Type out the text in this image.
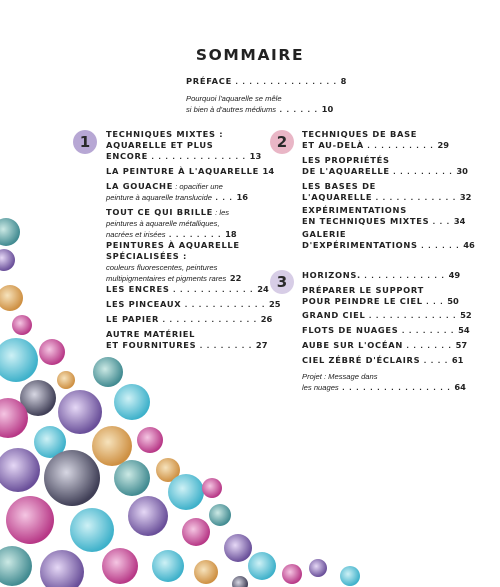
SOMMAIRE
PRÉFACE . . . . . . . . . . . . . . . 8
Pourquoi l'aquarelle se mêle
si bien à d'autres médiums . . . . . . 10
1	2
3
TECHNIQUES MIXTES :
AQUARELLE ET PLUS
ENCORE . . . . . . . . . . . . . . 13
LA PEINTURE À L'AQUARELLE 14
LA GOUACHE : opacifier une
peinture à aquarelle translucide . . . 16
TOUT CE QUI BRILLE : les
peintures à aquarelle métalliques,
nacrées et irisées . . . . . . . . 18
PEINTURES À AQUARELLE
SPÉCIALISÉES :
couleurs fluorescentes, peintures
multipigmentaires et pigments rares 22
LES ENCRES . . . . . . . . . . . . 24
LES PINCEAUX . . . . . . . . . . . . 25
LE PAPIER . . . . . . . . . . . . . . 26
AUTRE MATÉRIEL
ET FOURNITURES . . . . . . . . 27
TECHNIQUES DE BASE
ET AU-DELÀ . . . . . . . . . . 29
LES PROPRIÉTÉS
DE L'AQUARELLE . . . . . . . . . 30
LES BASES DE
L'AQUARELLE . . . . . . . . . . . . 32
EXPÉRIMENTATIONS
EN TECHNIQUES MIXTES . . . 34
GALERIE
D'EXPÉRIMENTATIONS . . . . . . 46
HORIZONS. . . . . . . . . . . . . 49
PRÉPARER LE SUPPORT
POUR PEINDRE LE CIEL . . . 50
GRAND CIEL . . . . . . . . . . . . . 52
FLOTS DE NUAGES . . . . . . . . 54
AUBE SUR L'OCÉAN . . . . . . . 57
CIEL ZÉBRÉ D'ÉCLAIRS . . . . 61
Projet : Message dans
les nuages . . . . . . . . . . . . . . . . 64
